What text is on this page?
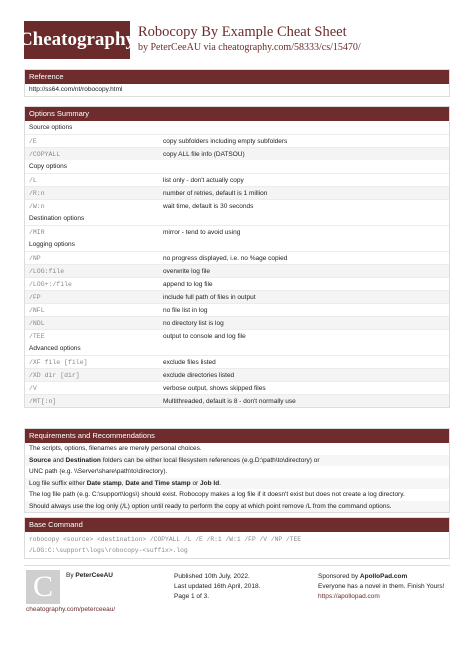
Cheatography Robocopy By Example Cheat Sheet
by PeterCeeAU via cheatography.com/58333/cs/15470/
Reference
http://ss64.com/nt/robocopy.html
Options Summary
Source options
/E	copy subfolders including empty subfolders
/COPYALL	copy ALL file info (DATSOU)
Copy options
/L	list only - don't actually copy
/R:n	number of retries, default is 1 million
/W:n	wait time, default is 30 seconds
Destination options
/MIR	mirror - tend to avoid using
Logging options
/NP	no progress displayed, i.e. no %age copied
/LOG:file	overwrite log file
/LOG+:/file	append to log file
/FP	include full path of files in output
/NFL	no file list in log
/NDL	no directory list is log
/TEE	output to console and log file
Advanced options
/XF file [file]	exclude files listed
/XD dir [dir]	exclude directories listed
/V	verbose output, shows skipped files
/MT[:n]	Multithreaded, default is 8 - don't normally use
Requirements and Recommendations

The scripts, options, filenames are merely personal choices.

Source and Destination folders can be either local filesystem references (e.g.D:\path\to\directory) or

UNC path (e.g. \\Server\share\path\to\directory).

Log file suffix either Date stamp, Date and Time stamp or Job Id.

The log file path (e.g. C:\support\logs\) should exist. Robocopy makes a log file if it doesn't exist but does not create a log directory.

Should always use the log only (/L) option until ready to perform the copy at which point remove /L from the command options.

Base Command
robocopy <source> <destination> /COPYALL /L /E /R:1 /W:1 /FP /V /NP /TEE
/LOG:C:\support\logs\robocopy-<suffix>.log
C By PeterCeeAU
cheatography.com/peterceeau/
Published 10th July, 2022.
Last updated 16th April, 2018.
Page 1 of 3.
Sponsored by ApolloPad.com
Everyone has a novel in them. Finish Yours!
https://apollopad.com
